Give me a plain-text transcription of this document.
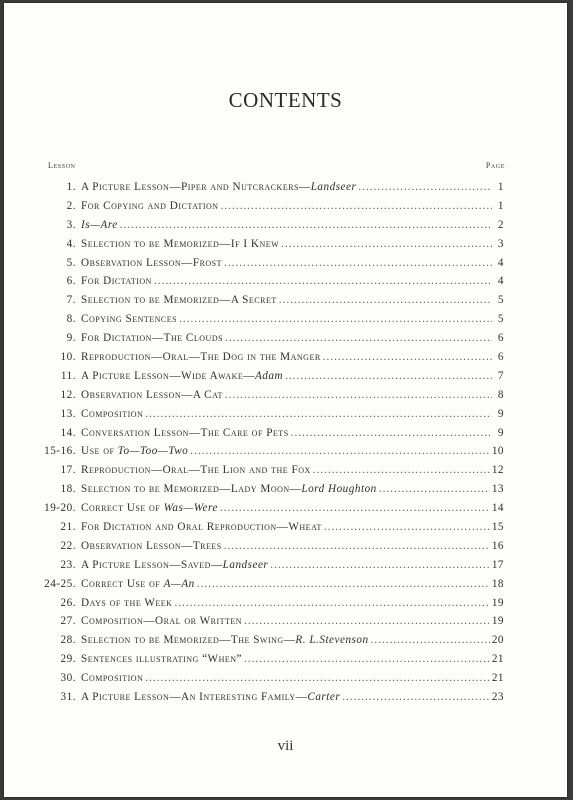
CONTENTS
Lesson	Page
1. A Picture Lesson—Piper and Nutcrackers—Landseer .....	1
2. For Copying and Dictation .....	1
3. Is—Are .....	2
4. Selection to be Memorized—If I Knew .....	3
5. Observation Lesson—Frost .....	4
6. For Dictation .....	4
7. Selection to be Memorized—A Secret .....	5
8. Copying Sentences .....	5
9. For Dictation—The Clouds .....	6
10. Reproduction—Oral—The Dog in the Manger .....	6
11. A Picture Lesson—Wide Awake—Adam .....	7
12. Observation Lesson—A Cat .....	8
13. Composition .....	9
14. Conversation Lesson—The Care of Pets .....	9
15-16. Use of To—Too—Two .....	10
17. Reproduction—Oral—The Lion and the Fox .....	12
18. Selection to be Memorized—Lady Moon—Lord Houghton .....	13
19-20. Correct Use of Was—Were .....	14
21. For Dictation and Oral Reproduction—Wheat .....	15
22. Observation Lesson—Trees .....	16
23. A Picture Lesson—Saved—Landseer .....	17
24-25. Correct Use of A—An .....	18
26. Days of the Week .....	19
27. Composition—Oral or Written .....	19
28. Selection to be Memorized—The Swing—R. L.Stevenson .....	20
29. Sentences illustrating “When” .....	21
30. Composition .....	21
31. A Picture Lesson—An Interesting Family—Carter .....	23
vii
